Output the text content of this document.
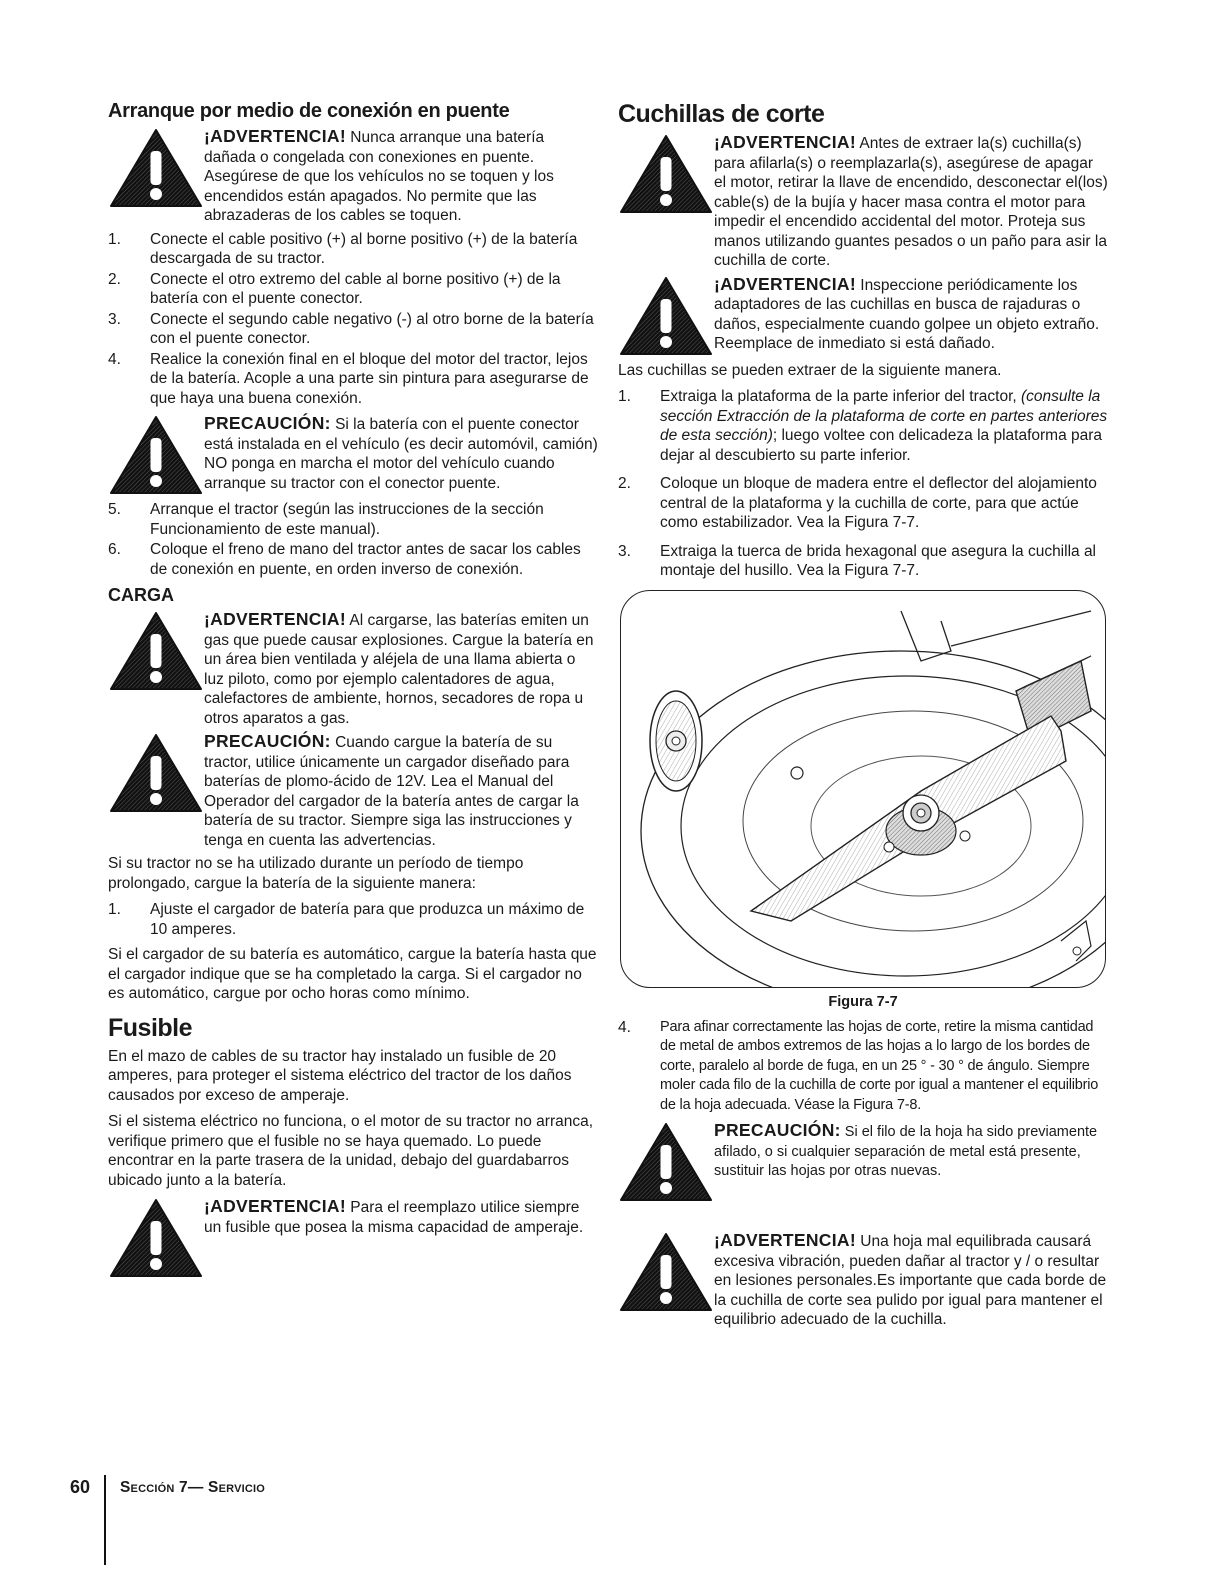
Arranque por medio de conexión en puente
¡ADVERTENCIA! Nunca arranque una batería dañada o congelada con conexiones en puente. Asegúrese de que los vehículos no se toquen y los encendidos están apagados. No permite que las abrazaderas de los cables se toquen.
1.	Conecte el cable positivo (+) al borne positivo (+) de la batería descargada de su tractor.
2.	Conecte el otro extremo del cable al borne positivo (+) de la batería con el puente conector.
3.	Conecte el segundo cable negativo (-) al otro borne de la batería con el puente conector.
4.	Realice la conexión final en el bloque del motor del tractor, lejos de la batería. Acople a una parte sin pintura para asegurarse de que haya una buena conexión.
PRECAUCIÓN: Si la batería con el puente conector está instalada en el vehículo (es decir automóvil, camión) NO ponga en marcha el motor del vehículo cuando arranque su tractor con el conector puente.
5.	Arranque el tractor (según las instrucciones de la sección Funcionamiento de este manual).
6.	Coloque el freno de mano del tractor antes de sacar los cables de conexión en puente, en orden inverso de conexión.
CARGA
¡ADVERTENCIA! Al cargarse, las baterías emiten un gas que puede causar explosiones. Cargue la batería en un área bien ventilada y aléjela de una llama abierta o luz piloto, como por ejemplo calentadores de agua, calefactores de ambiente, hornos, secadores de ropa u otros aparatos a gas.
PRECAUCIÓN: Cuando cargue la batería de su tractor, utilice únicamente un cargador diseñado para baterías de plomo-ácido de 12V. Lea el Manual del Operador del cargador de la batería antes de cargar la batería de su tractor. Siempre siga las instrucciones y tenga en cuenta las advertencias.

Si su tractor no se ha utilizado durante un período de tiempo prolongado, cargue la batería de la siguiente manera:

1.	Ajuste el cargador de batería para que produzca un máximo de 10 amperes.

Si el cargador de su batería es automático, cargue la batería hasta que el cargador indique que se ha completado la carga. Si el cargador no es automático, cargue por ocho horas como mínimo.

Fusible

En el mazo de cables de su tractor hay instalado un fusible de 20 amperes, para proteger el sistema eléctrico del tractor de los daños causados por exceso de amperaje.

Si el sistema eléctrico no funciona, o el motor de su tractor no arranca, verifique primero que el fusible no se haya quemado. Lo puede encontrar en la parte trasera de la unidad, debajo del guardabarros ubicado junto a la batería.

¡ADVERTENCIA! Para el reemplazo utilice siempre un fusible que posea la misma capacidad de amperaje.
Cuchillas de corte
¡ADVERTENCIA! Antes de extraer la(s) cuchilla(s) para afilarla(s) o reemplazarla(s), asegúrese de apagar el motor, retirar la llave de encendido, desconectar el(los) cable(s) de la bujía y hacer masa contra el motor para impedir el encendido accidental del motor. Proteja sus manos utilizando guantes pesados o un paño para asir la cuchilla de corte.
¡ADVERTENCIA! Inspeccione periódicamente los adaptadores de las cuchillas en busca de rajaduras o daños, especialmente cuando golpee un objeto extraño. Reemplace de inmediato si está dañado.

Las cuchillas se pueden extraer de la siguiente manera.

1.	Extraiga la plataforma de la parte inferior del tractor, (consulte la sección Extracción de la plataforma de corte en partes anteriores de esta sección); luego voltee con delicadeza la plataforma para dejar al descubierto su parte inferior.
2.	Coloque un bloque de madera entre el deflector del alojamiento central de la plataforma y la cuchilla de corte, para que actúe como estabilizador. Vea la Figura 7-7.
3.	Extraiga la tuerca de brida hexagonal que asegura la cuchilla al montaje del husillo. Vea la Figura 7-7.
Figura 7-7
4.	Para afinar correctamente las hojas de corte, retire la misma cantidad de metal de ambos extremos de las hojas a lo largo de los bordes de corte, paralelo al borde de fuga, en un 25 ° - 30 ° de ángulo. Siempre moler cada filo de la cuchilla de corte por igual a mantener el equilibrio de la hoja adecuada. Véase la Figura 7-8.
PRECAUCIÓN: Si el filo de la hoja ha sido previamente afilado, o si cualquier separación de metal está presente, sustituir las hojas por otras nuevas.
¡ADVERTENCIA! Una hoja mal equilibrada causará excesiva vibración, pueden dañar al tractor y / o resultar en lesiones personales.Es importante que cada borde de la cuchilla de corte sea pulido por igual para mantener el equilibrio adecuado de la cuchilla.
60	Sección 7— Servicio
